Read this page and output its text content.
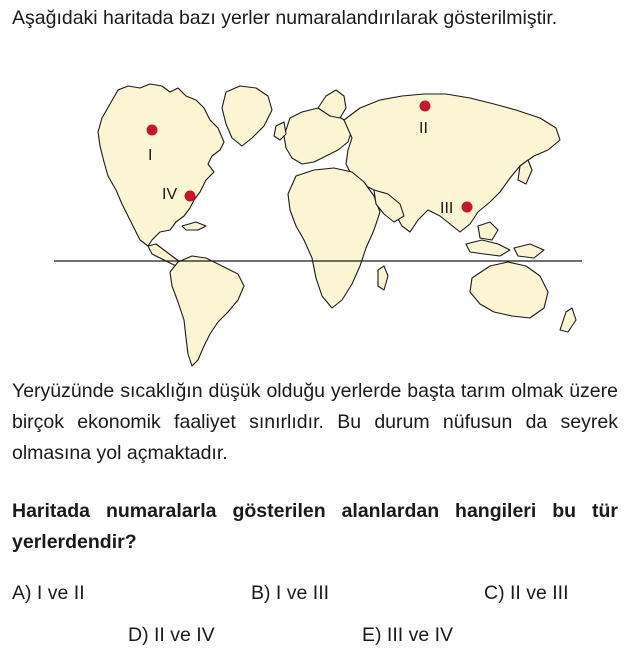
Aşağıdaki haritada bazı yerler numaralandırılarak gösterilmiştir.
I
II
III
IV
Yeryüzünde sıcaklığın düşük olduğu yerlerde başta tarım olmak üzere birçok ekonomik faaliyet sınırlıdır. Bu durum nüfusun da seyrek olmasına yol açmaktadır.
Haritada numaralarla gösterilen alanlardan hangileri bu tür yerlerdendir?
A) I ve II	B) I ve III	C) II ve III
D) II ve IV	E) III ve IV
